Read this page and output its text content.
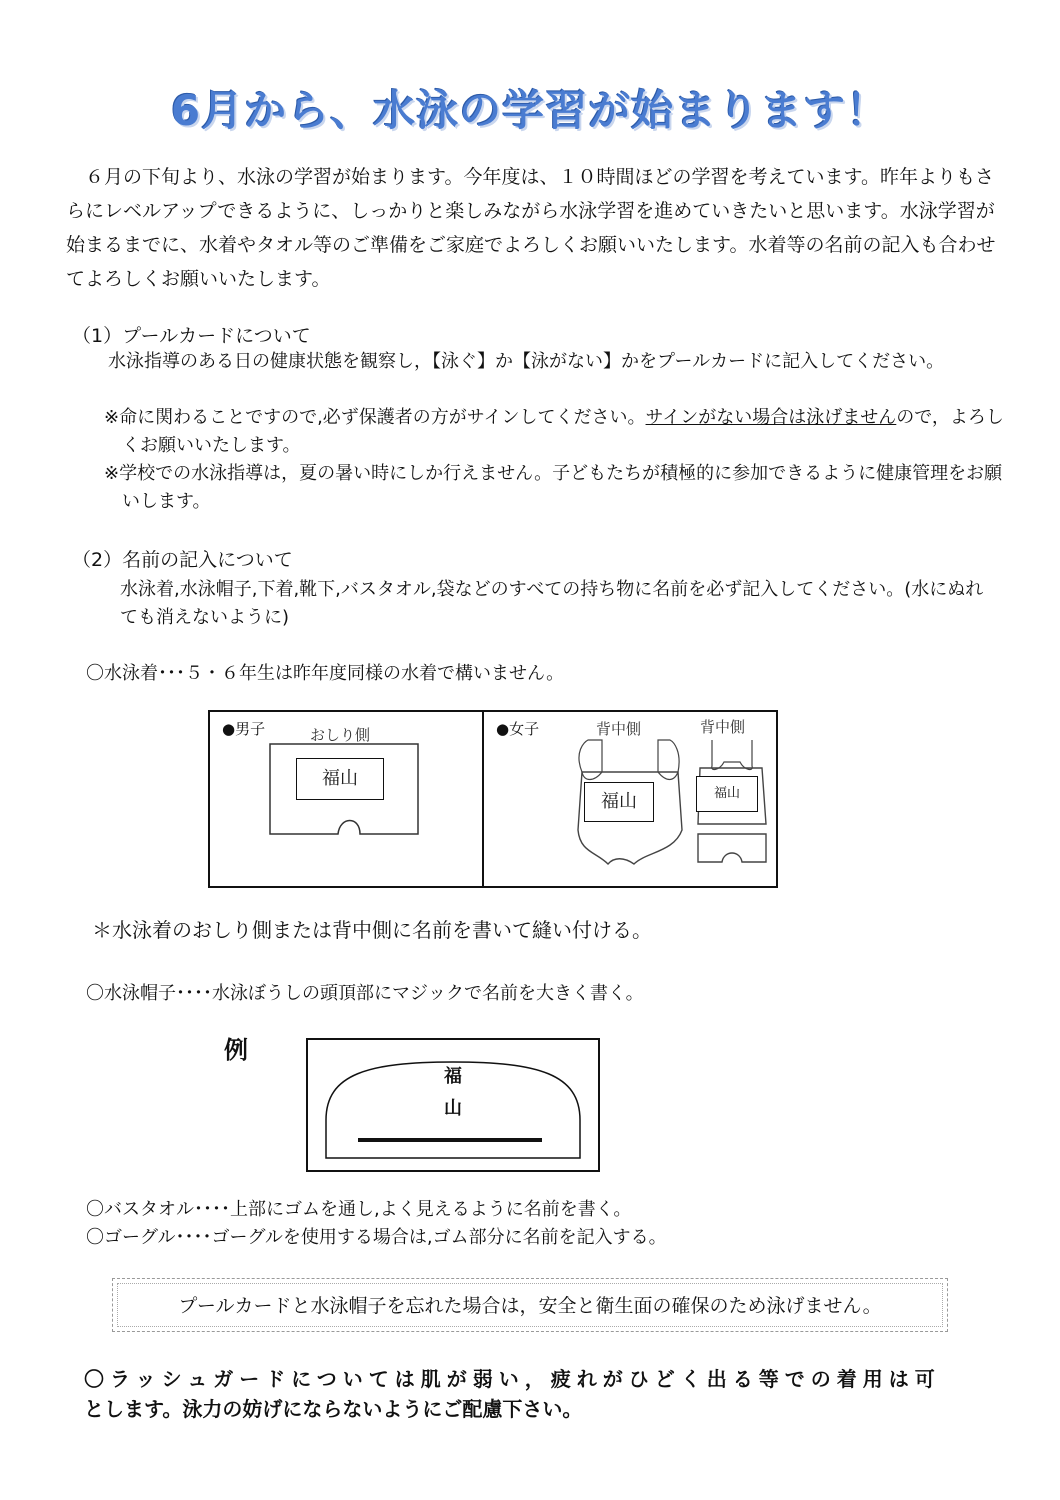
6月から、水泳の学習が始まります！
６月の下旬より、水泳の学習が始まります。今年度は、１０時間ほどの学習を考えています。昨年よりもさらにレベルアップできるように、しっかりと楽しみながら水泳学習を進めていきたいと思います。水泳学習が始まるまでに、水着やタオル等のご準備をご家庭でよろしくお願いいたします。水着等の名前の記入も合わせてよろしくお願いいたします。
（1）プールカードについて
水泳指導のある日の健康状態を観察し，【泳ぐ】か【泳がない】かをプールカードに記入してください。
※命に関わることですので,必ず保護者の方がサインしてください。サインがない場合は泳げませんので，よろしくお願いいたします。
※学校での水泳指導は，夏の暑い時にしか行えません。子どもたちが積極的に参加できるように健康管理をお願いします。
（2）名前の記入について
水泳着,水泳帽子,下着,靴下,バスタオル,袋などのすべての持ち物に名前を必ず記入してください。(水にぬれても消えないように)
〇水泳着･･･５・６年生は昨年度同様の水着で構いません。
●男子	おしり側
福山
●女子	背中側	背中側
福山	福山
＊水泳着のおしり側または背中側に名前を書いて縫い付ける。
〇水泳帽子････水泳ぼうしの頭頂部にマジックで名前を大きく書く。
例
福
山
〇バスタオル････上部にゴムを通し,よく見えるように名前を書く。
〇ゴーグル････ゴーグルを使用する場合は,ゴム部分に名前を記入する。
プールカードと水泳帽子を忘れた場合は，安全と衛生面の確保のため泳げません。
〇ラッシュガードについては肌が弱い，疲れがひどく出る等での着用は可
とします。泳力の妨げにならないようにご配慮下さい。
